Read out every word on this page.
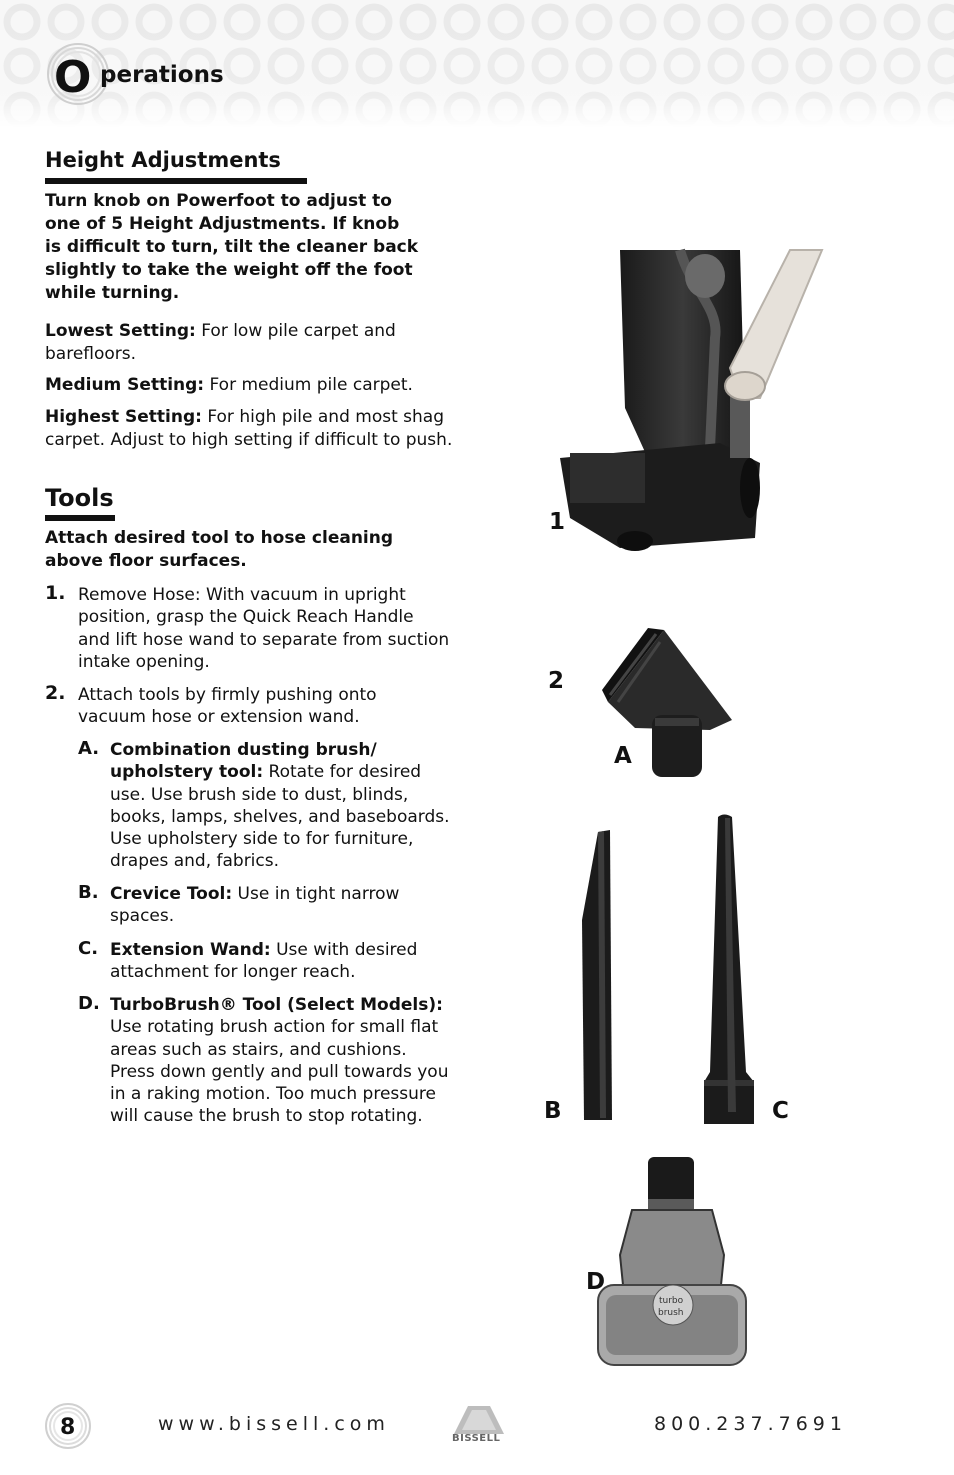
O perations
Height Adjustments
Turn knob on Powerfoot to adjust to
one of 5 Height Adjustments. If knob
is difficult to turn, tilt the cleaner back
slightly to take the weight off the foot
while turning.
Lowest Setting: For low pile carpet and
barefloors.
Medium Setting: For medium pile carpet.
Highest Setting: For high pile and most shag
carpet. Adjust to high setting if difficult to push.
Tools
Attach desired tool to hose cleaning
above floor surfaces.
1. Remove Hose: With vacuum in upright
position, grasp the Quick Reach Handle
and lift hose wand to separate from suction
intake opening.
2. Attach tools by firmly pushing onto
vacuum hose or extension wand.
A. Combination dusting brush/
upholstery tool: Rotate for desired
use. Use brush side to dust, blinds,
books, lamps, shelves, and baseboards.
Use upholstery side to for furniture,
drapes and, fabrics.
B. Crevice Tool: Use in tight narrow
spaces.
C. Extension Wand: Use with desired
attachment for longer reach.
D. TurboBrush® Tool (Select Models):
Use rotating brush action for small flat
areas such as stairs, and cushions.
Press down gently and pull towards you
in a raking motion. Too much pressure
will cause the brush to stop rotating.
1
2
A
B	C
turbo
brush
D
8	www.bissell.com
BISSELL
800.237.7691
